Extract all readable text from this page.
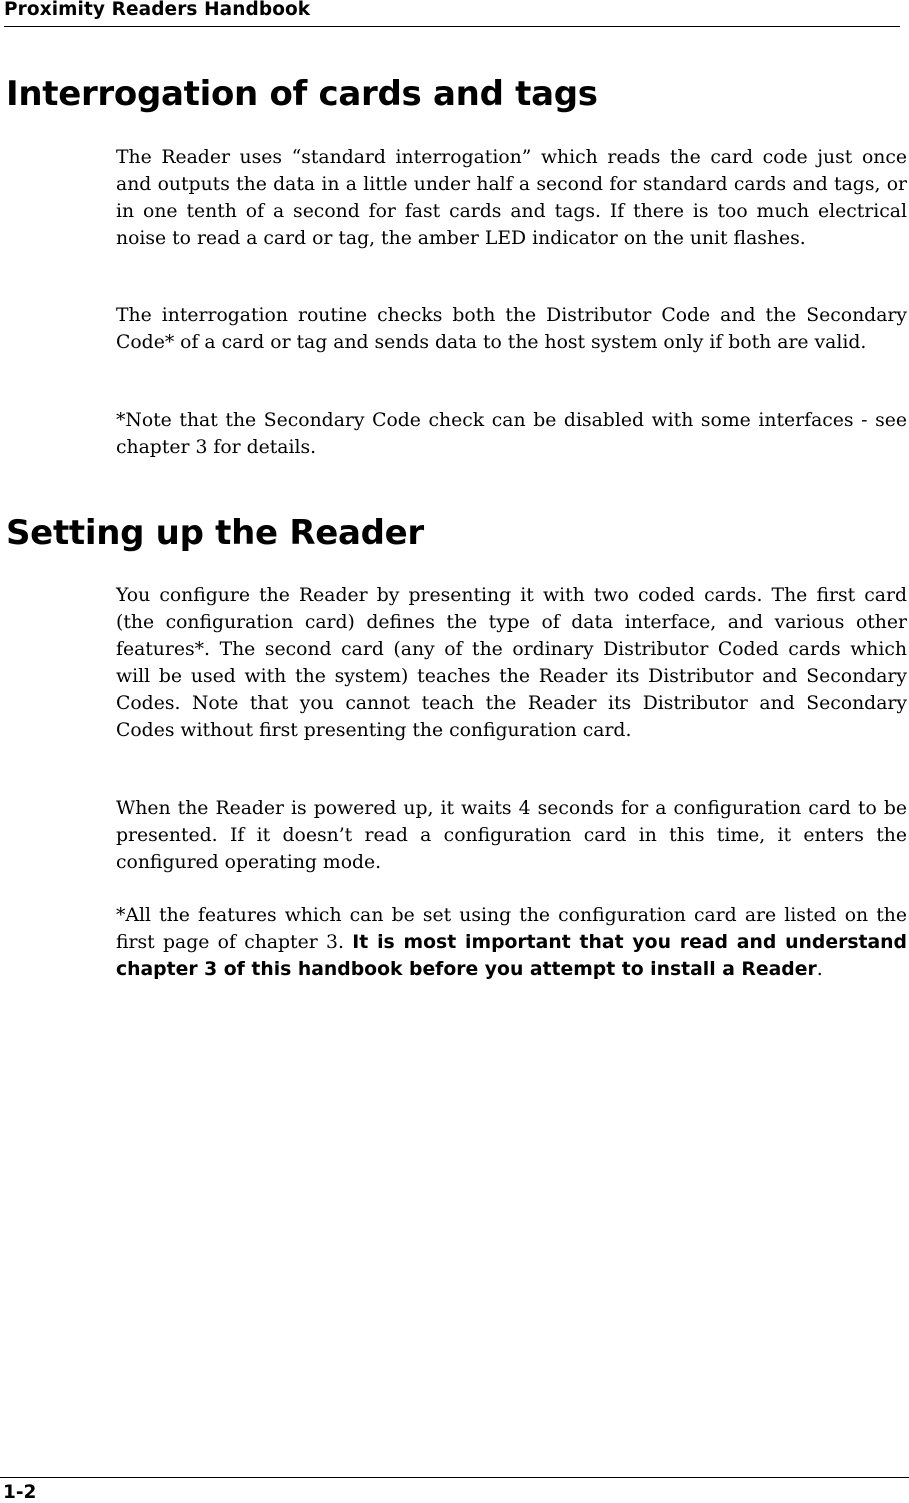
Proximity Readers Handbook
Interrogation of cards and tags

The Reader uses “standard interrogation” which reads the card code just once and outputs the data in a little under half a second for standard cards and tags, or in one tenth of a second for fast cards and tags. If there is too much electrical noise to read a card or tag, the amber LED indicator on the unit flashes.

The interrogation routine checks both the Distributor Code and the Secondary Code* of a card or tag and sends data to the host system only if both are valid.

*Note that the Secondary Code check can be disabled with some interfaces - see chapter 3 for details.

Setting up the Reader

You configure the Reader by presenting it with two coded cards. The first card (the configuration card) defines the type of data interface, and various other features*. The second card (any of the ordinary Distributor Coded cards which will be used with the system) teaches the Reader its Distributor and Secondary Codes. Note that you cannot teach the Reader its Distributor and Secondary Codes without first presenting the configuration card.

When the Reader is powered up, it waits 4 seconds for a configuration card to be presented. If it doesn’t read a configuration card in this time, it enters the configured operating mode.

*All the features which can be set using the configuration card are listed on the first page of chapter 3. It is most important that you read and understand chapter 3 of this handbook before you attempt to install a Reader.

1-2
